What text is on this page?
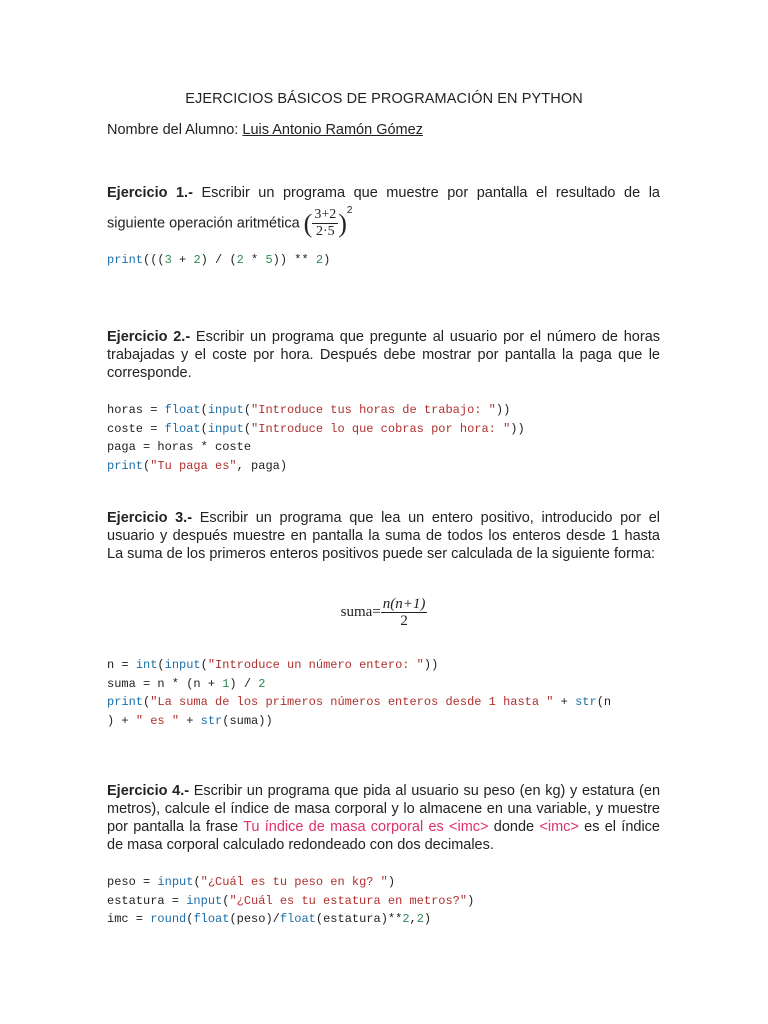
EJERCICIOS BÁSICOS DE PROGRAMACIÓN EN PYTHON
Nombre del Alumno: Luis Antonio Ramón Gómez
Ejercicio 1.- Escribir un programa que muestre por pantalla el resultado de la siguiente operación aritmética ( $\frac{3+2}{2\cdot 5} )^2$
print(((3 + 2) / (2 * 5)) ** 2)
Ejercicio 2.- Escribir un programa que pregunte al usuario por el número de horas trabajadas y el coste por hora. Después debe mostrar por pantalla la paga que le corresponde.
horas = float(input("Introduce tus horas de trabajo: "))
coste = float(input("Introduce lo que cobras por hora: "))
paga = horas * coste
print("Tu paga es", paga)
Ejercicio 3.- Escribir un programa que lea un entero positivo, introducido por el usuario y después muestre en pantalla la suma de todos los enteros desde 1 hasta La suma de los primeros enteros positivos puede ser calculada de la siguiente forma:
suma= $\frac{n(n+1)}{2}$
n = int(input("Introduce un número entero: "))
suma = n * (n + 1) / 2
print("La suma de los primeros números enteros desde 1 hasta " + str(n
) + " es " + str(suma))
Ejercicio 4.- Escribir un programa que pida al usuario su peso (en kg) y estatura (en metros), calcule el índice de masa corporal y lo almacene en una variable, y muestre por pantalla la frase Tu índice de masa corporal es <imc> donde <imc> es el índice de masa corporal calculado redondeado con dos decimales.
peso = input("¿Cuál es tu peso en kg? ")
estatura = input("¿Cuál es tu estatura en metros?")
imc = round(float(peso)/float(estatura)**2,2)
